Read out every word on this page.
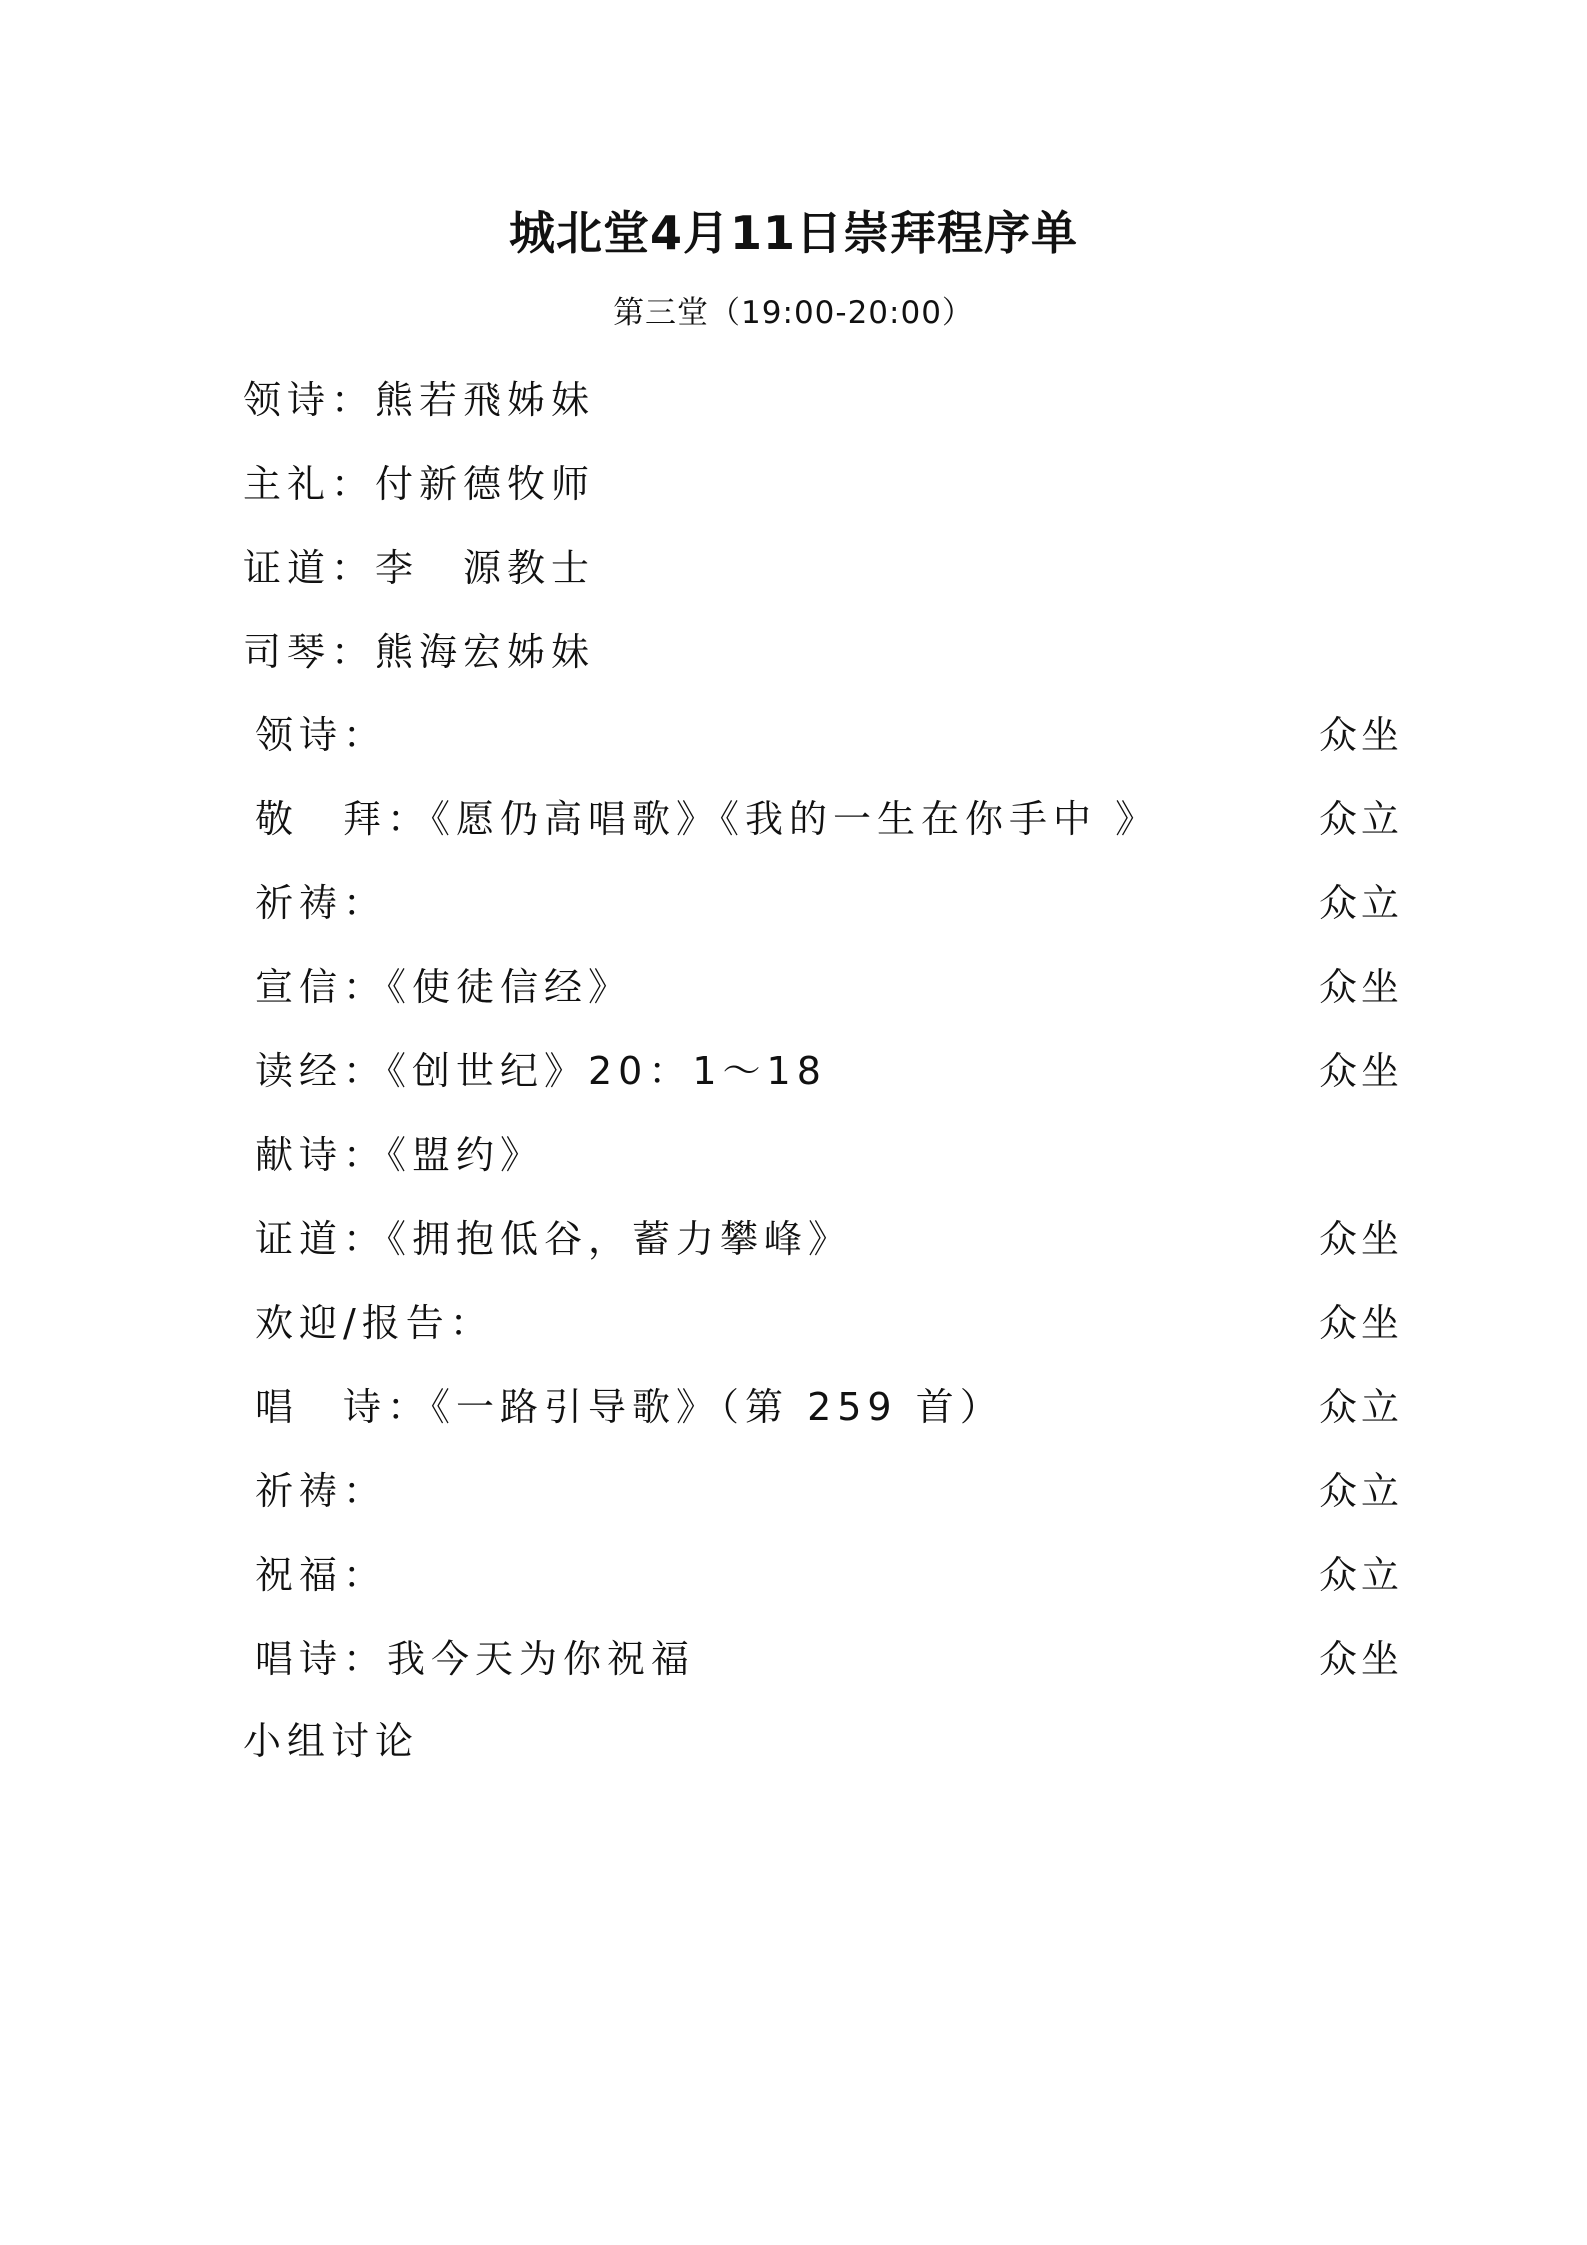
城北堂4月11日崇拜程序单
第三堂（19:00-20:00）
领诗：熊若飛姊妹
主礼：付新德牧师
证道：李　源教士
司琴：熊海宏姊妹
领诗：	众坐
敬　拜：《愿仍高唱歌》《我的一生在你手中 》	众立
祈祷：	众立
宣信：《使徒信经》	众坐
读经：《创世纪》20：1～18	众坐
献诗：《盟约》
证道：《拥抱低谷，蓄力攀峰》	众坐
欢迎/报告：	众坐
唱　诗：《一路引导歌》（第 259 首）	众立
祈祷：	众立
祝福：	众立
唱诗：我今天为你祝福	众坐
小组讨论
